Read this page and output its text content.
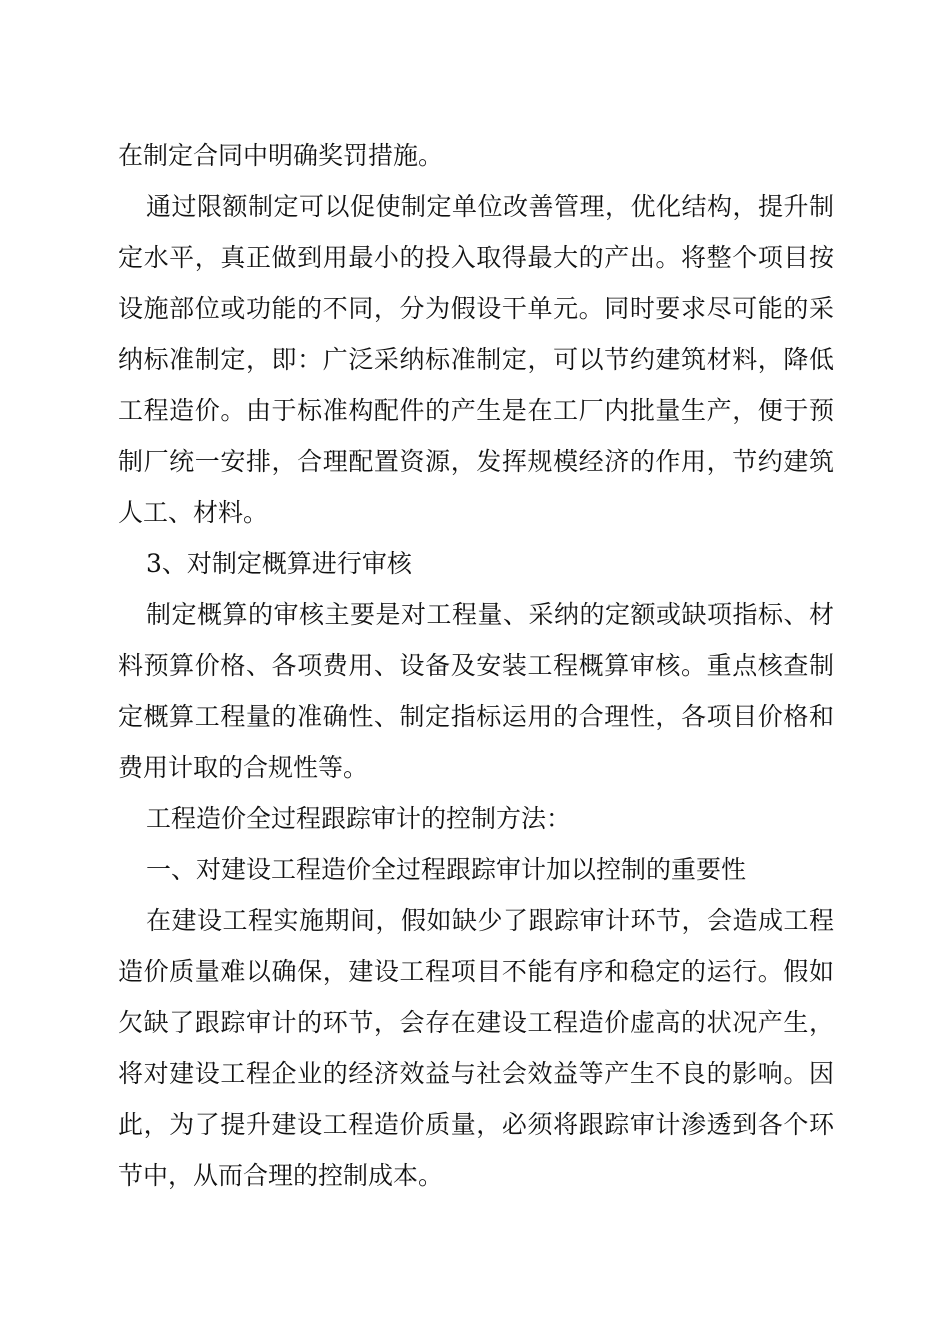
在制定合同中明确奖罚措施。
通过限额制定可以促使制定单位改善管理，优化结构，提升制
定水平，真正做到用最小的投入取得最大的产出。将整个项目按
设施部位或功能的不同，分为假设干单元。同时要求尽可能的采
纳标准制定，即：广泛采纳标准制定，可以节约建筑材料，降低
工程造价。由于标准构配件的产生是在工厂内批量生产，便于预
制厂统一安排，合理配置资源，发挥规模经济的作用，节约建筑
人工、材料。
3、对制定概算进行审核
制定概算的审核主要是对工程量、采纳的定额或缺项指标、材
料预算价格、各项费用、设备及安装工程概算审核。重点核查制
定概算工程量的准确性、制定指标运用的合理性，各项目价格和
费用计取的合规性等。
工程造价全过程跟踪审计的控制方法：
一、对建设工程造价全过程跟踪审计加以控制的重要性
在建设工程实施期间，假如缺少了跟踪审计环节，会造成工程
造价质量难以确保，建设工程项目不能有序和稳定的运行。假如
欠缺了跟踪审计的环节，会存在建设工程造价虚高的状况产生，
将对建设工程企业的经济效益与社会效益等产生不良的影响。因
此，为了提升建设工程造价质量，必须将跟踪审计渗透到各个环
节中，从而合理的控制成本。
